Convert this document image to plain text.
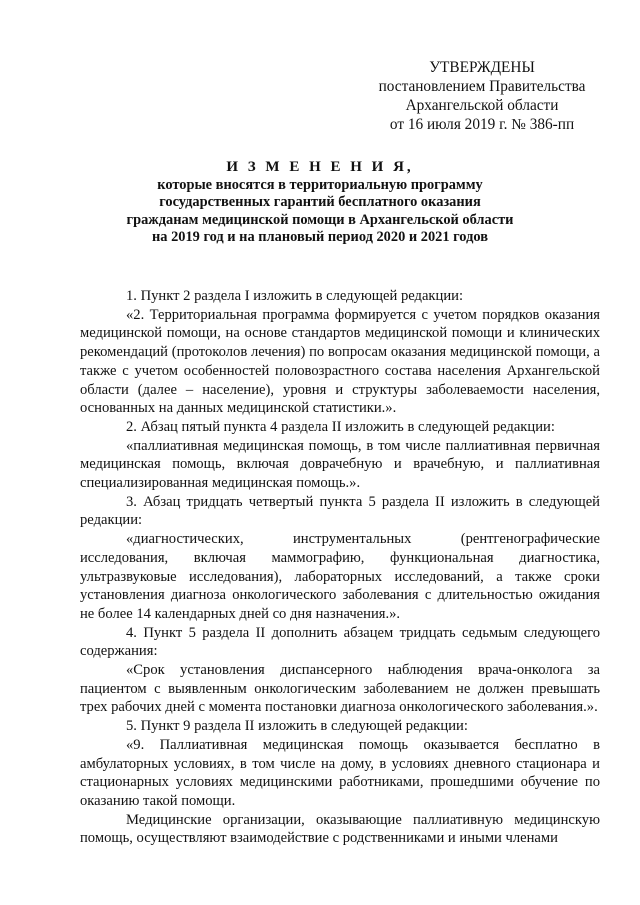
УТВЕРЖДЕНЫ
постановлением Правительства
Архангельской области
от 16 июля 2019 г. № 386-пп
И З М Е Н Е Н И Я,
которые вносятся в территориальную программу
государственных гарантий бесплатного оказания
гражданам медицинской помощи в Архангельской области
на 2019 год и на плановый период 2020 и 2021 годов

1. Пункт 2 раздела I изложить в следующей редакции:

«2. Территориальная программа формируется с учетом порядков оказания медицинской помощи, на основе стандартов медицинской помощи и клинических рекомендаций (протоколов лечения) по вопросам оказания медицинской помощи, а также с учетом особенностей половозрастного состава населения Архангельской области (далее – население), уровня и структуры заболеваемости населения, основанных на данных медицинской статистики.».

2. Абзац пятый пункта 4 раздела II изложить в следующей редакции:

«паллиативная медицинская помощь, в том числе паллиативная первичная медицинская помощь, включая доврачебную и врачебную, и паллиативная специализированная медицинская помощь.».

3. Абзац тридцать четвертый пункта 5 раздела II изложить в следующей редакции:

«диагностических, инструментальных (рентгенографические исследования, включая маммографию, функциональная диагностика, ультразвуковые исследования), лабораторных исследований, а также сроки установления диагноза онкологического заболевания с длительностью ожидания не более 14 календарных дней со дня назначения.».

4. Пункт 5 раздела II дополнить абзацем тридцать седьмым следующего содержания:

«Срок установления диспансерного наблюдения врача-онколога за пациентом с выявленным онкологическим заболеванием не должен превышать трех рабочих дней с момента постановки диагноза онкологического заболевания.».

5. Пункт 9 раздела II изложить в следующей редакции:

«9. Паллиативная медицинская помощь оказывается бесплатно в амбулаторных условиях, в том числе на дому, в условиях дневного стационара и стационарных условиях медицинскими работниками, прошедшими обучение по оказанию такой помощи.

Медицинские организации, оказывающие паллиативную медицинскую помощь, осуществляют взаимодействие с родственниками и иными членами
